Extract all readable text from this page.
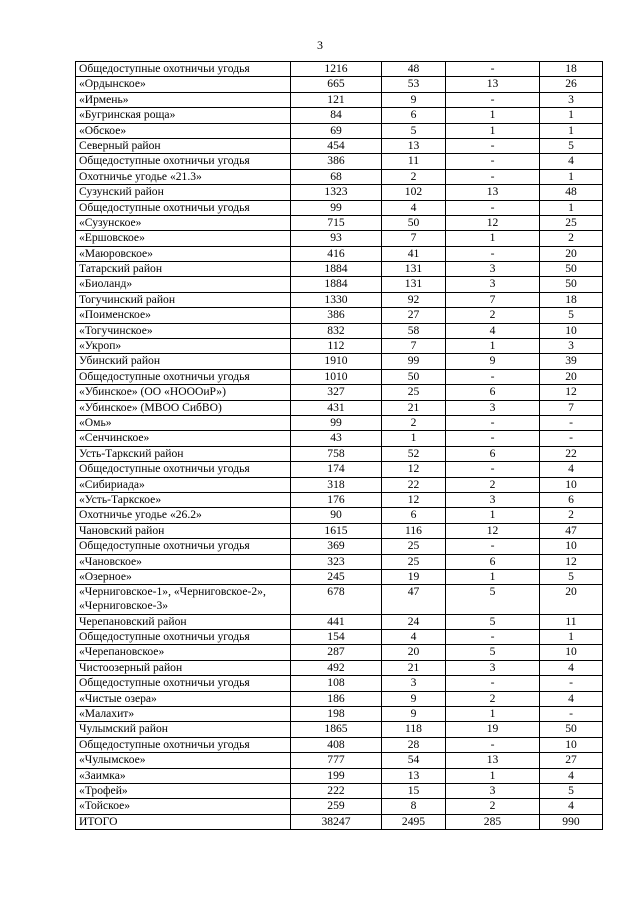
3
Общедоступные охотничьи угодья	1216	48	-	18
«Ордынское»	665	53	13	26
«Ирмень»	121	9	-	3
«Бугринская роща»	84	6	1	1
«Обское»	69	5	1	1
Северный район	454	13	-	5
Общедоступные охотничьи угодья	386	11	-	4
Охотничье угодье «21.3»	68	2	-	1
Сузунский район	1323	102	13	48
Общедоступные охотничьи угодья	99	4	-	1
«Сузунское»	715	50	12	25
«Ершовское»	93	7	1	2
«Маюровское»	416	41	-	20
Татарский район	1884	131	3	50
«Биоланд»	1884	131	3	50
Тогучинский район	1330	92	7	18
«Поименское»	386	27	2	5
«Тогучинское»	832	58	4	10
«Укроп»	112	7	1	3
Убинский район	1910	99	9	39
Общедоступные охотничьи угодья	1010	50	-	20
«Убинское» (ОО «НОООиР»)	327	25	6	12
«Убинское» (МВОО СибВО)	431	21	3	7
«Омь»	99	2	-	-
«Сенчинское»	43	1	-	-
Усть-Таркский район	758	52	6	22
Общедоступные охотничьи угодья	174	12	-	4
«Сибириада»	318	22	2	10
«Усть-Таркское»	176	12	3	6
Охотничье угодье «26.2»	90	6	1	2
Чановский район	1615	116	12	47
Общедоступные охотничьи угодья	369	25	-	10
«Чановское»	323	25	6	12
«Озерное»	245	19	1	5
«Черниговское-1», «Черниговское-2», «Черниговское-3»	678	47	5	20
Черепановский район	441	24	5	11
Общедоступные охотничьи угодья	154	4	-	1
«Черепановское»	287	20	5	10
Чистоозерный район	492	21	3	4
Общедоступные охотничьи угодья	108	3	-	-
«Чистые озера»	186	9	2	4
«Малахит»	198	9	1	-
Чулымский район	1865	118	19	50
Общедоступные охотничьи угодья	408	28	-	10
«Чулымское»	777	54	13	27
«Заимка»	199	13	1	4
«Трофей»	222	15	3	5
«Тойское»	259	8	2	4
ИТОГО	38247	2495	285	990
